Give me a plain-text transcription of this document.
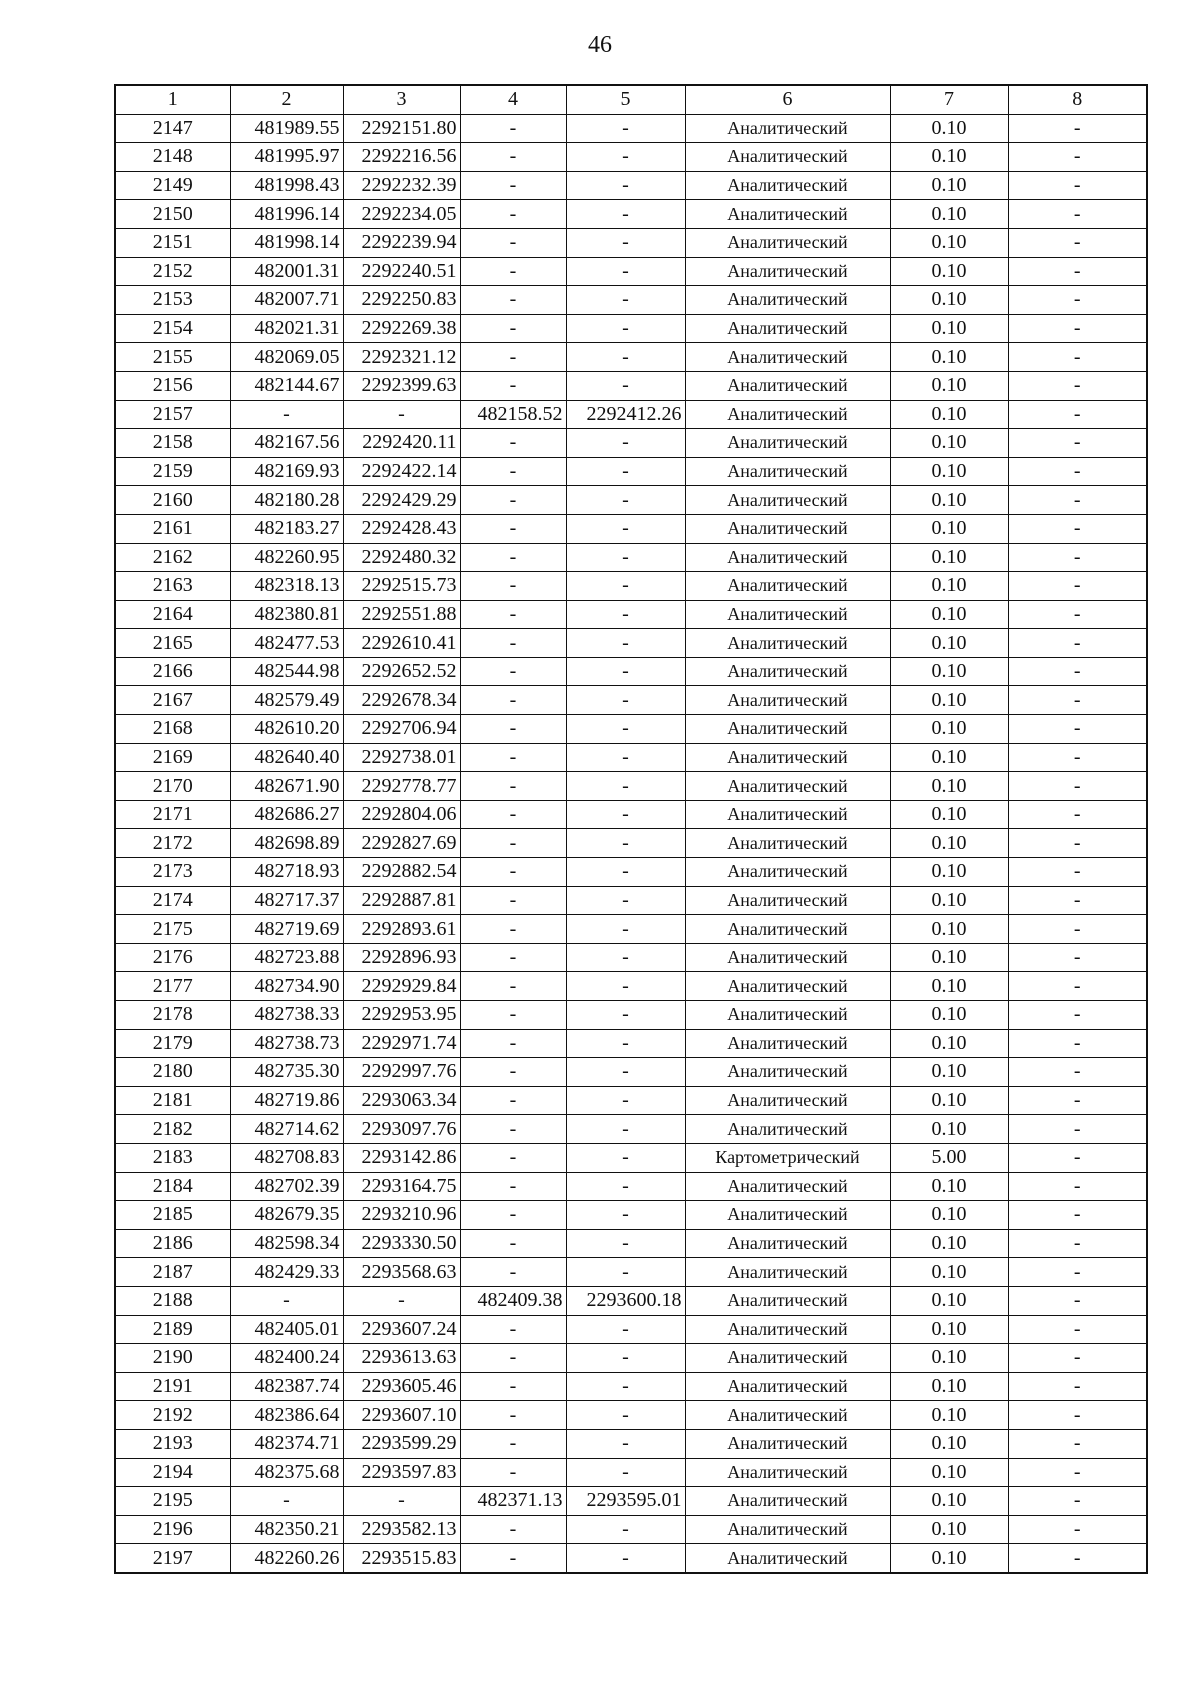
46
1	2	3	4	5	6	7	8
2147	481989.55	2292151.80	-	-	Аналитический	0.10	-
2148	481995.97	2292216.56	-	-	Аналитический	0.10	-
2149	481998.43	2292232.39	-	-	Аналитический	0.10	-
2150	481996.14	2292234.05	-	-	Аналитический	0.10	-
2151	481998.14	2292239.94	-	-	Аналитический	0.10	-
2152	482001.31	2292240.51	-	-	Аналитический	0.10	-
2153	482007.71	2292250.83	-	-	Аналитический	0.10	-
2154	482021.31	2292269.38	-	-	Аналитический	0.10	-
2155	482069.05	2292321.12	-	-	Аналитический	0.10	-
2156	482144.67	2292399.63	-	-	Аналитический	0.10	-
2157	-	-	482158.52	2292412.26	Аналитический	0.10	-
2158	482167.56	2292420.11	-	-	Аналитический	0.10	-
2159	482169.93	2292422.14	-	-	Аналитический	0.10	-
2160	482180.28	2292429.29	-	-	Аналитический	0.10	-
2161	482183.27	2292428.43	-	-	Аналитический	0.10	-
2162	482260.95	2292480.32	-	-	Аналитический	0.10	-
2163	482318.13	2292515.73	-	-	Аналитический	0.10	-
2164	482380.81	2292551.88	-	-	Аналитический	0.10	-
2165	482477.53	2292610.41	-	-	Аналитический	0.10	-
2166	482544.98	2292652.52	-	-	Аналитический	0.10	-
2167	482579.49	2292678.34	-	-	Аналитический	0.10	-
2168	482610.20	2292706.94	-	-	Аналитический	0.10	-
2169	482640.40	2292738.01	-	-	Аналитический	0.10	-
2170	482671.90	2292778.77	-	-	Аналитический	0.10	-
2171	482686.27	2292804.06	-	-	Аналитический	0.10	-
2172	482698.89	2292827.69	-	-	Аналитический	0.10	-
2173	482718.93	2292882.54	-	-	Аналитический	0.10	-
2174	482717.37	2292887.81	-	-	Аналитический	0.10	-
2175	482719.69	2292893.61	-	-	Аналитический	0.10	-
2176	482723.88	2292896.93	-	-	Аналитический	0.10	-
2177	482734.90	2292929.84	-	-	Аналитический	0.10	-
2178	482738.33	2292953.95	-	-	Аналитический	0.10	-
2179	482738.73	2292971.74	-	-	Аналитический	0.10	-
2180	482735.30	2292997.76	-	-	Аналитический	0.10	-
2181	482719.86	2293063.34	-	-	Аналитический	0.10	-
2182	482714.62	2293097.76	-	-	Аналитический	0.10	-
2183	482708.83	2293142.86	-	-	Картометрический	5.00	-
2184	482702.39	2293164.75	-	-	Аналитический	0.10	-
2185	482679.35	2293210.96	-	-	Аналитический	0.10	-
2186	482598.34	2293330.50	-	-	Аналитический	0.10	-
2187	482429.33	2293568.63	-	-	Аналитический	0.10	-
2188	-	-	482409.38	2293600.18	Аналитический	0.10	-
2189	482405.01	2293607.24	-	-	Аналитический	0.10	-
2190	482400.24	2293613.63	-	-	Аналитический	0.10	-
2191	482387.74	2293605.46	-	-	Аналитический	0.10	-
2192	482386.64	2293607.10	-	-	Аналитический	0.10	-
2193	482374.71	2293599.29	-	-	Аналитический	0.10	-
2194	482375.68	2293597.83	-	-	Аналитический	0.10	-
2195	-	-	482371.13	2293595.01	Аналитический	0.10	-
2196	482350.21	2293582.13	-	-	Аналитический	0.10	-
2197	482260.26	2293515.83	-	-	Аналитический	0.10	-
